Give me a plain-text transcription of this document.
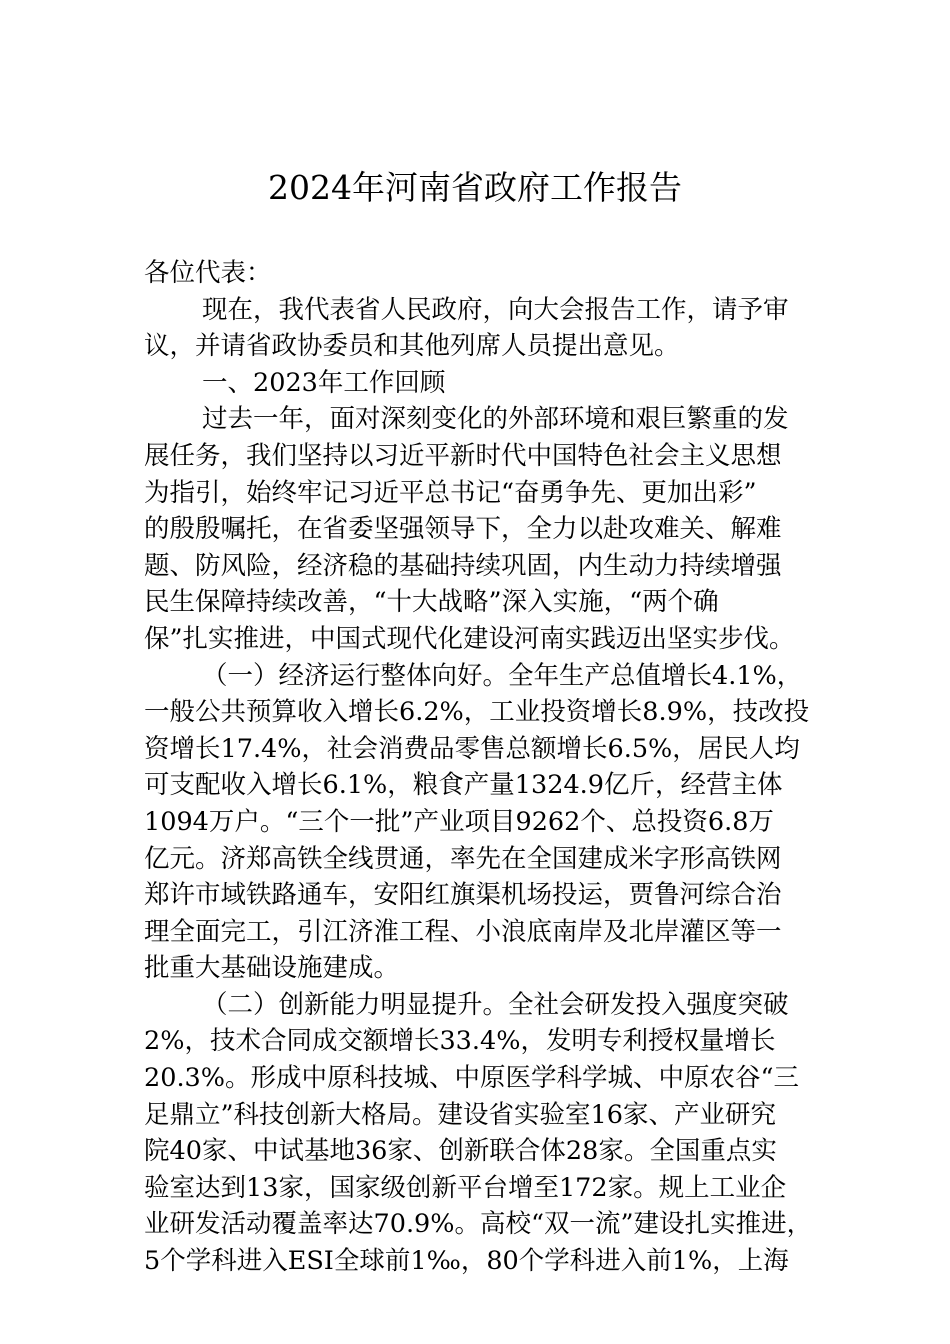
2024年河南省政府工作报告
各位代表：
现在，我代表省人民政府，向大会报告工作，请予审
议，并请省政协委员和其他列席人员提出意见。
一、2023年工作回顾
过去一年，面对深刻变化的外部环境和艰巨繁重的发
展任务，我们坚持以习近平新时代中国特色社会主义思想
为指引，始终牢记习近平总书记“奋勇争先、更加出彩”
的殷殷嘱托，在省委坚强领导下，全力以赴攻难关、解难
题、防风险，经济稳的基础持续巩固，内生动力持续增强
民生保障持续改善，“十大战略”深入实施，“两个确
保”扎实推进，中国式现代化建设河南实践迈出坚实步伐。
（一）经济运行整体向好。全年生产总值增长4.1%，
一般公共预算收入增长6.2%，工业投资增长8.9%，技改投
资增长17.4%，社会消费品零售总额增长6.5%，居民人均
可支配收入增长6.1%，粮食产量1324.9亿斤，经营主体
1094万户。“三个一批”产业项目9262个、总投资6.8万
亿元。济郑高铁全线贯通，率先在全国建成米字形高铁网
郑许市域铁路通车，安阳红旗渠机场投运，贾鲁河综合治
理全面完工，引江济淮工程、小浪底南岸及北岸灌区等一
批重大基础设施建成。
（二）创新能力明显提升。全社会研发投入强度突破
2%，技术合同成交额增长33.4%，发明专利授权量增长
20.3%。形成中原科技城、中原医学科学城、中原农谷“三
足鼎立”科技创新大格局。建设省实验室16家、产业研究
院40家、中试基地36家、创新联合体28家。全国重点实
验室达到13家，国家级创新平台增至172家。规上工业企
业研发活动覆盖率达70.9%。高校“双一流”建设扎实推进，
5个学科进入ESI全球前1‰，80个学科进入前1%，上海
